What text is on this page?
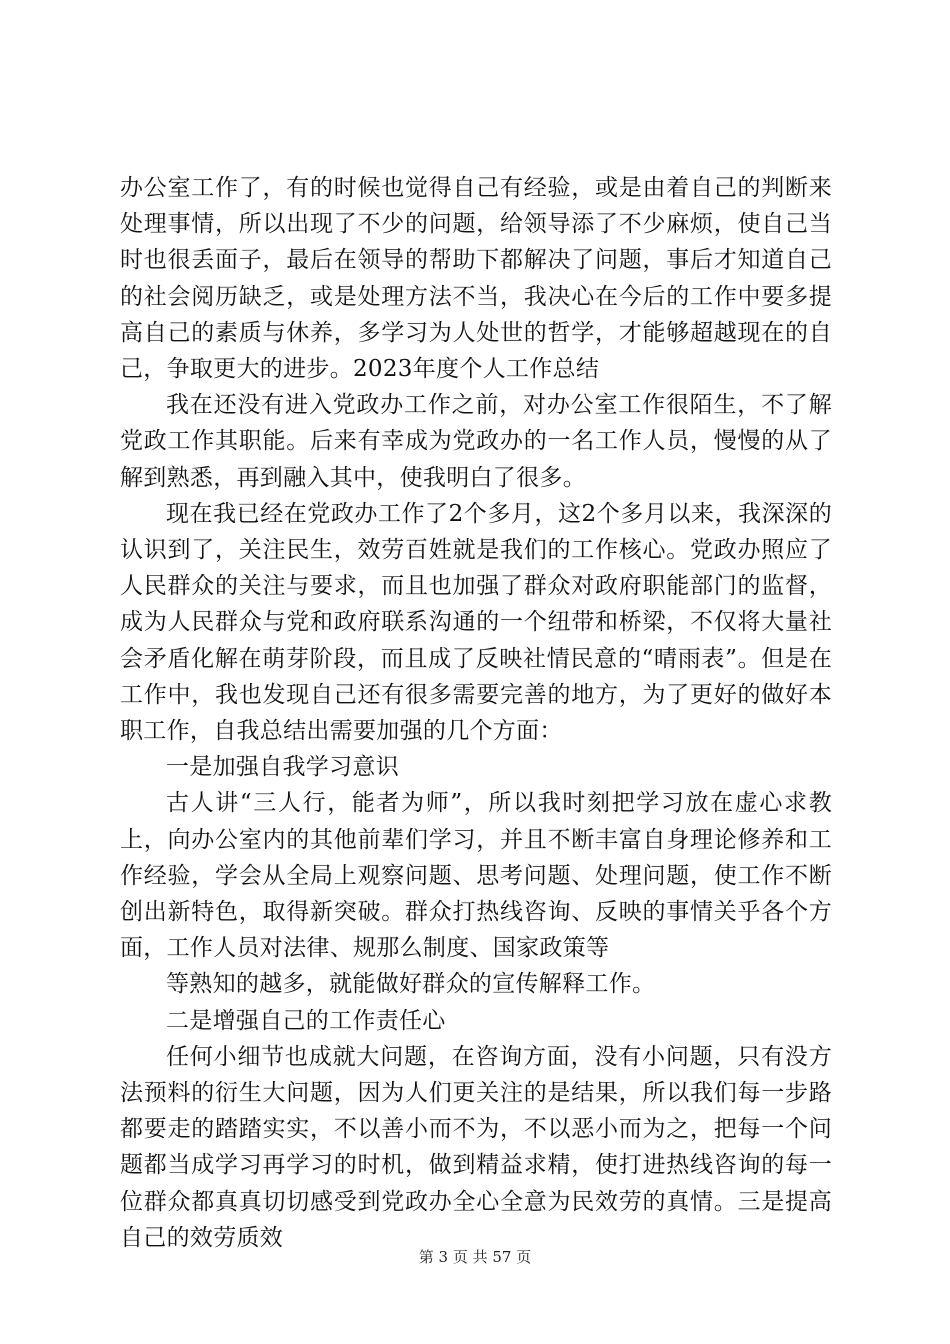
办公室工作了，有的时候也觉得自己有经验，或是由着自己的判断来处理事情，所以出现了不少的问题，给领导添了不少麻烦，使自己当时也很丢面子，最后在领导的帮助下都解决了问题，事后才知道自己的社会阅历缺乏，或是处理方法不当，我决心在今后的工作中要多提高自己的素质与休养，多学习为人处世的哲学，才能够超越现在的自己，争取更大的进步。2023年度个人工作总结

我在还没有进入党政办工作之前，对办公室工作很陌生，不了解党政工作其职能。后来有幸成为党政办的一名工作人员，慢慢的从了解到熟悉，再到融入其中，使我明白了很多。

现在我已经在党政办工作了2个多月，这2个多月以来，我深深的认识到了，关注民生，效劳百姓就是我们的工作核心。党政办照应了人民群众的关注与要求，而且也加强了群众对政府职能部门的监督，成为人民群众与党和政府联系沟通的一个纽带和桥梁，不仅将大量社会矛盾化解在萌芽阶段，而且成了反映社情民意的“晴雨表”。但是在工作中，我也发现自己还有很多需要完善的地方，为了更好的做好本职工作，自我总结出需要加强的几个方面：

一是加强自我学习意识

古人讲“三人行，能者为师”，所以我时刻把学习放在虚心求教上，向办公室内的其他前辈们学习，并且不断丰富自身理论修养和工作经验，学会从全局上观察问题、思考问题、处理问题，使工作不断创出新特色，取得新突破。群众打热线咨询、反映的事情关乎各个方面，工作人员对法律、规那么制度、国家政策等

等熟知的越多，就能做好群众的宣传解释工作。

二是增强自己的工作责任心

任何小细节也成就大问题，在咨询方面，没有小问题，只有没方法预料的衍生大问题，因为人们更关注的是结果，所以我们每一步路都要走的踏踏实实，不以善小而不为，不以恶小而为之，把每一个问题都当成学习再学习的时机，做到精益求精，使打进热线咨询的每一位群众都真真切切感受到党政办全心全意为民效劳的真情。三是提高自己的效劳质效

第 3 页 共 57 页
